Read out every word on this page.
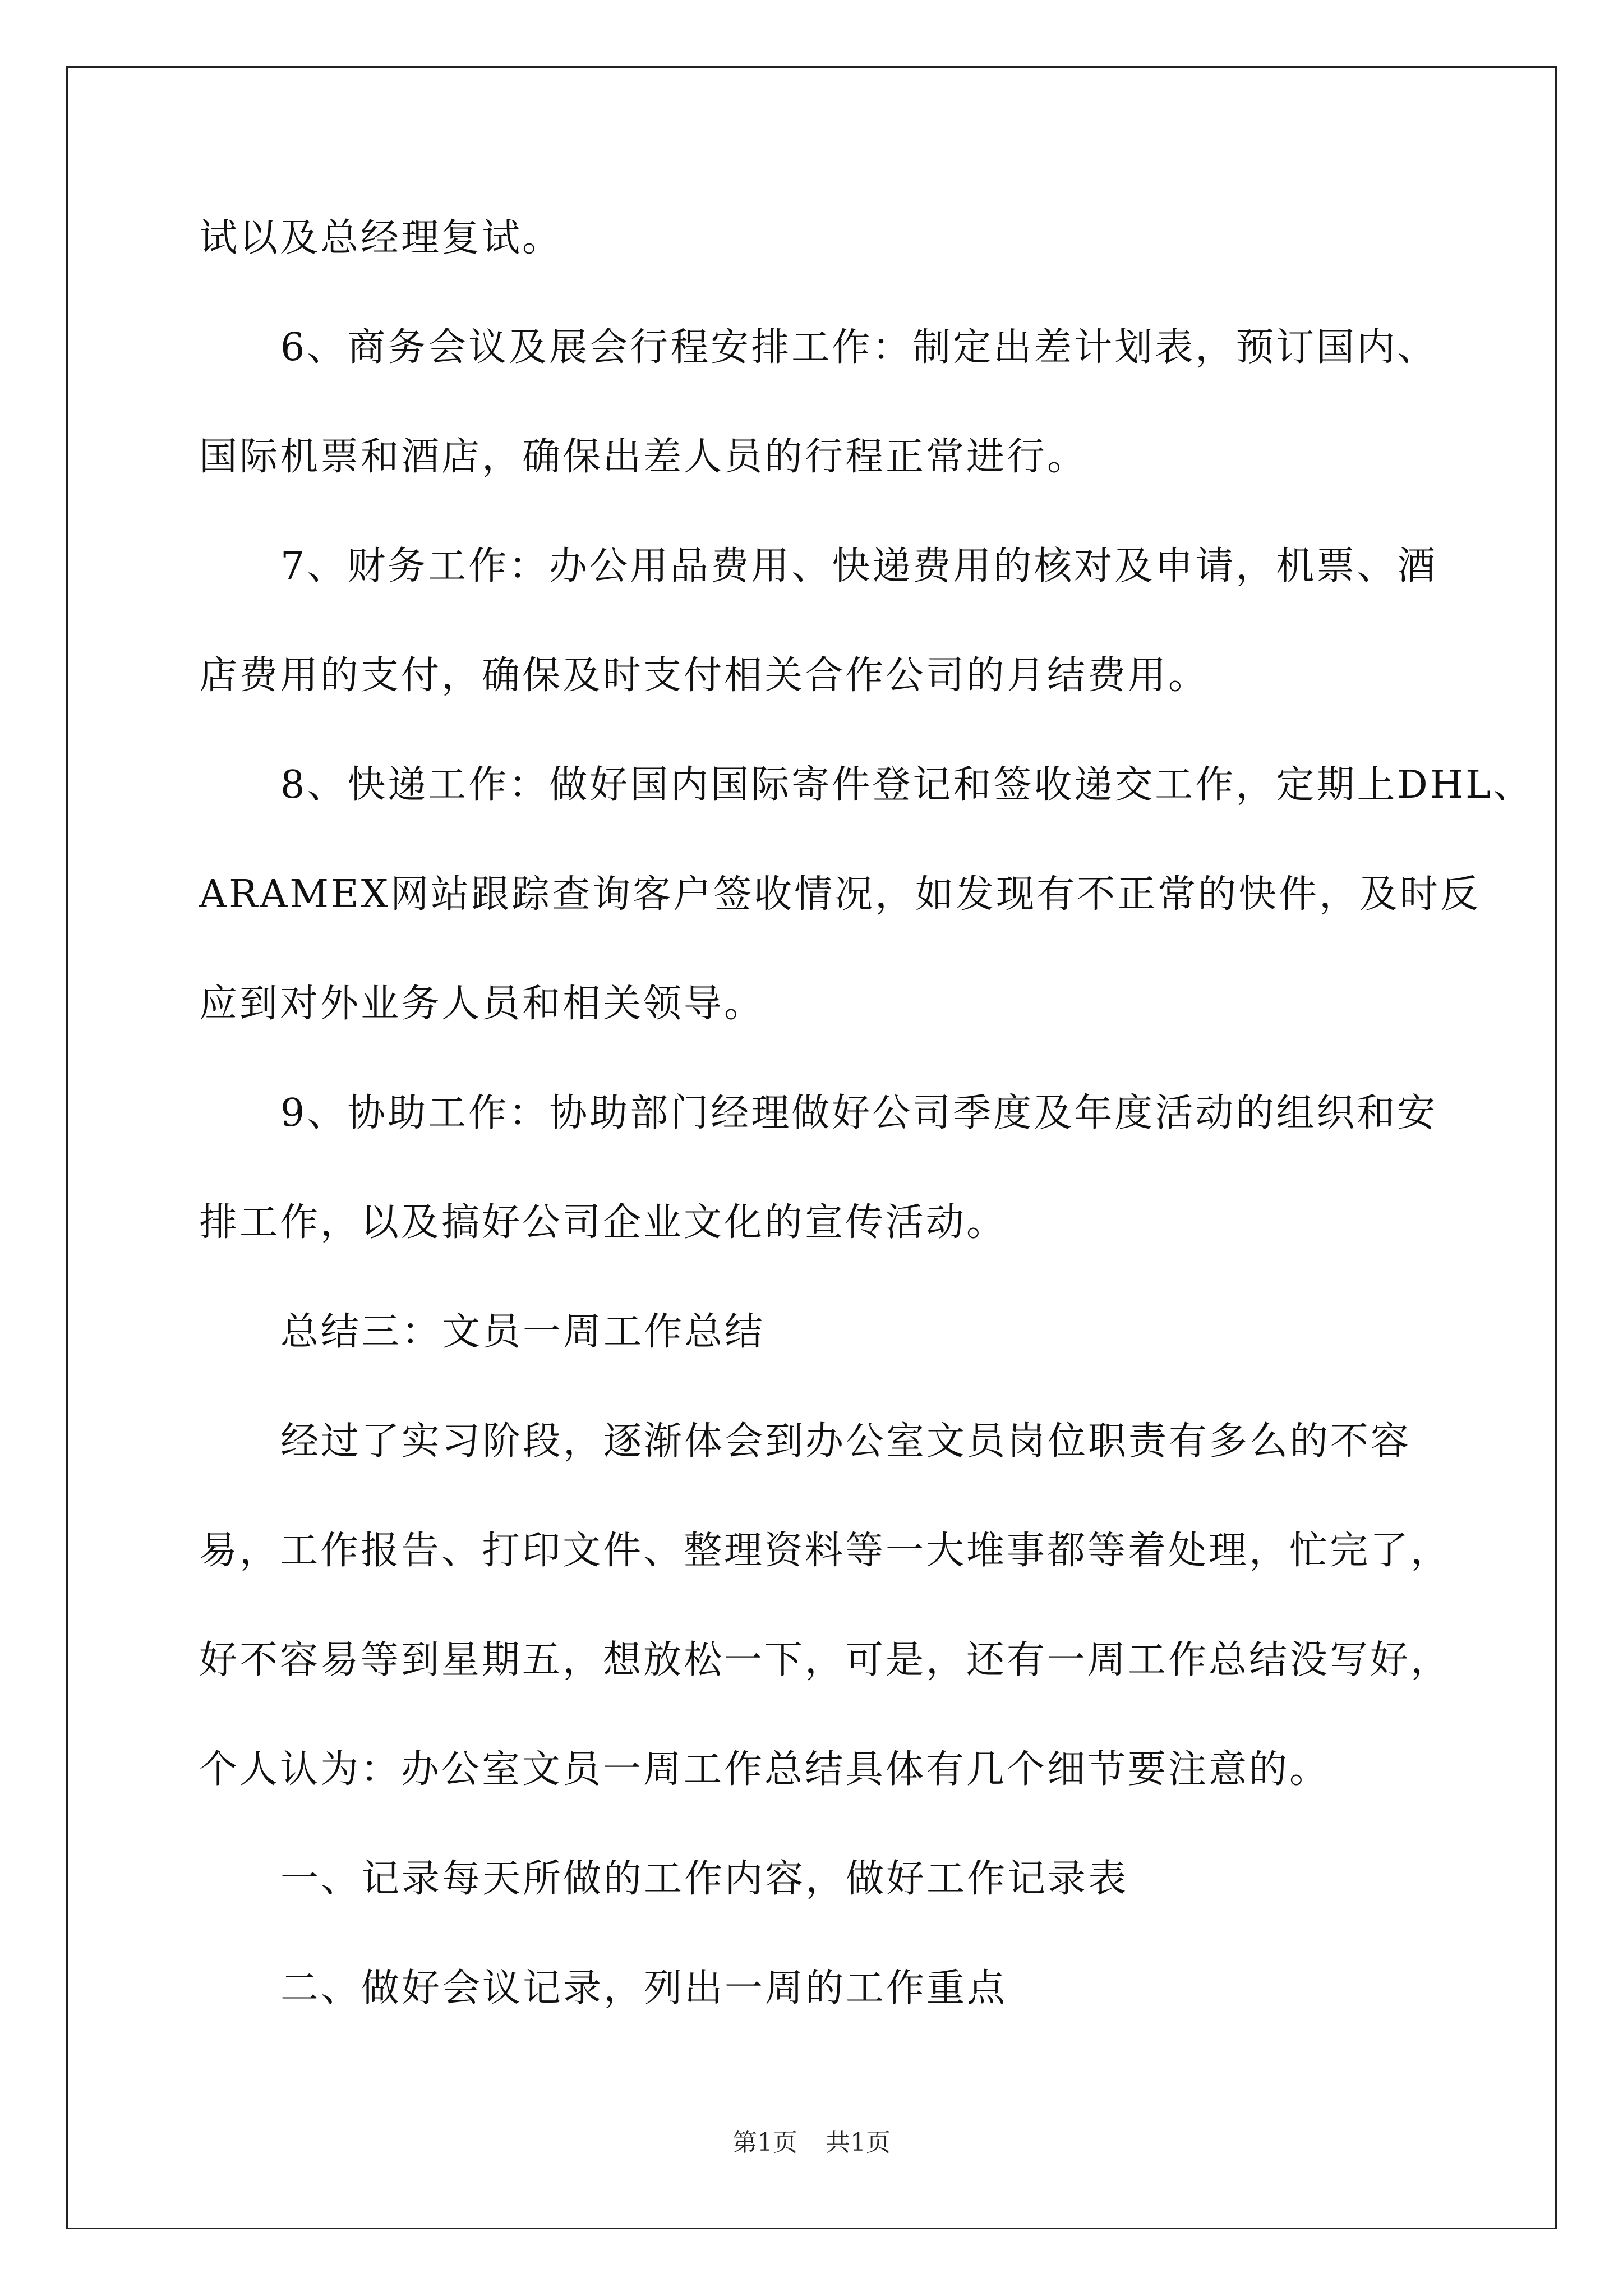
试以及总经理复试。
6、商务会议及展会行程安排工作：制定出差计划表，预订国内、
国际机票和酒店，确保出差人员的行程正常进行。
7、财务工作：办公用品费用、快递费用的核对及申请，机票、酒
店费用的支付，确保及时支付相关合作公司的月结费用。
8、快递工作：做好国内国际寄件登记和签收递交工作，定期上DHL、
ARAMEX网站跟踪查询客户签收情况，如发现有不正常的快件，及时反
应到对外业务人员和相关领导。
9、协助工作：协助部门经理做好公司季度及年度活动的组织和安
排工作，以及搞好公司企业文化的宣传活动。
总结三：文员一周工作总结
经过了实习阶段，逐渐体会到办公室文员岗位职责有多么的不容
易，工作报告、打印文件、整理资料等一大堆事都等着处理，忙完了，
好不容易等到星期五，想放松一下，可是，还有一周工作总结没写好，
个人认为：办公室文员一周工作总结具体有几个细节要注意的。
一、记录每天所做的工作内容，做好工作记录表
二、做好会议记录，列出一周的工作重点
第1页 共1页
